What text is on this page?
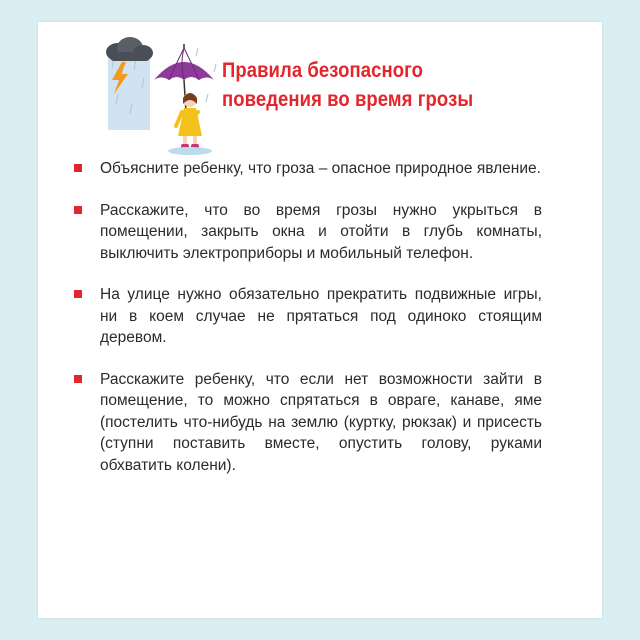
Правила безопасного
поведения во время грозы
Объясните ребенку, что гроза – опасное природное явление.
Расскажите, что во время грозы нужно укрыться в помещении, закрыть окна и отойти в глубь комнаты, выключить электроприборы и мобильный телефон.
На улице нужно обязательно прекратить подвижные игры, ни в коем случае не прятаться под одиноко стоящим деревом.
Расскажите ребенку, что если нет возможности зайти в помещение, то можно спрятаться в овраге, канаве, яме (постелить что-нибудь на землю (куртку, рюкзак) и присесть (ступни поставить вместе, опустить голову, руками обхватить колени).
